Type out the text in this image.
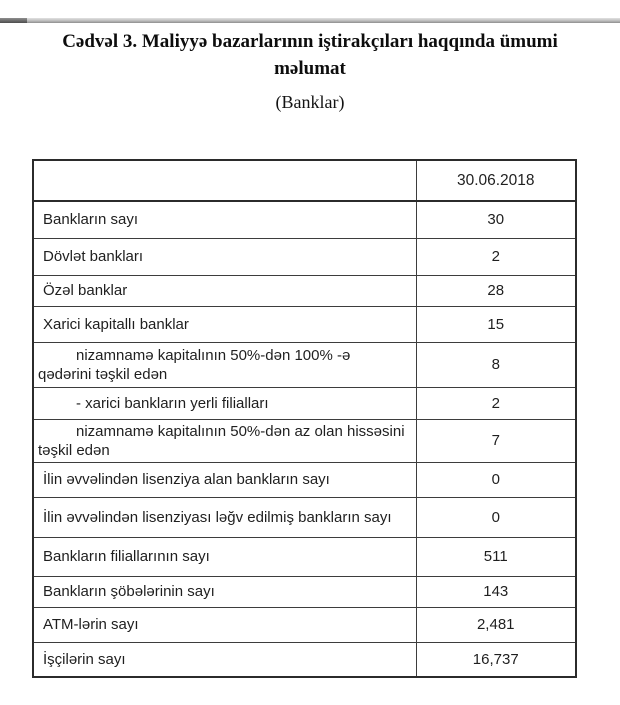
Cədvəl 3. Maliyyə bazarlarının iştirakçıları haqqında ümumi
məlumat
(Banklar)
	30.06.2018
Bankların sayı	30
Dövlət bankları	2
Özəl banklar	28
Xarici kapitallı banklar	15
nizamnamə kapitalının 50%-dən 100% -ə qədərini təşkil edən	8
- xarici bankların yerli filialları	2
nizamnamə kapitalının 50%-dən az olan hissəsini təşkil edən	7
İlin əvvəlindən lisenziya alan bankların sayı	0
İlin əvvəlindən lisenziyası ləğv edilmiş bankların sayı	0
Bankların filiallarının sayı	511
Bankların şöbələrinin sayı	143
ATM-lərin sayı	2,481
İşçilərin sayı	16,737
